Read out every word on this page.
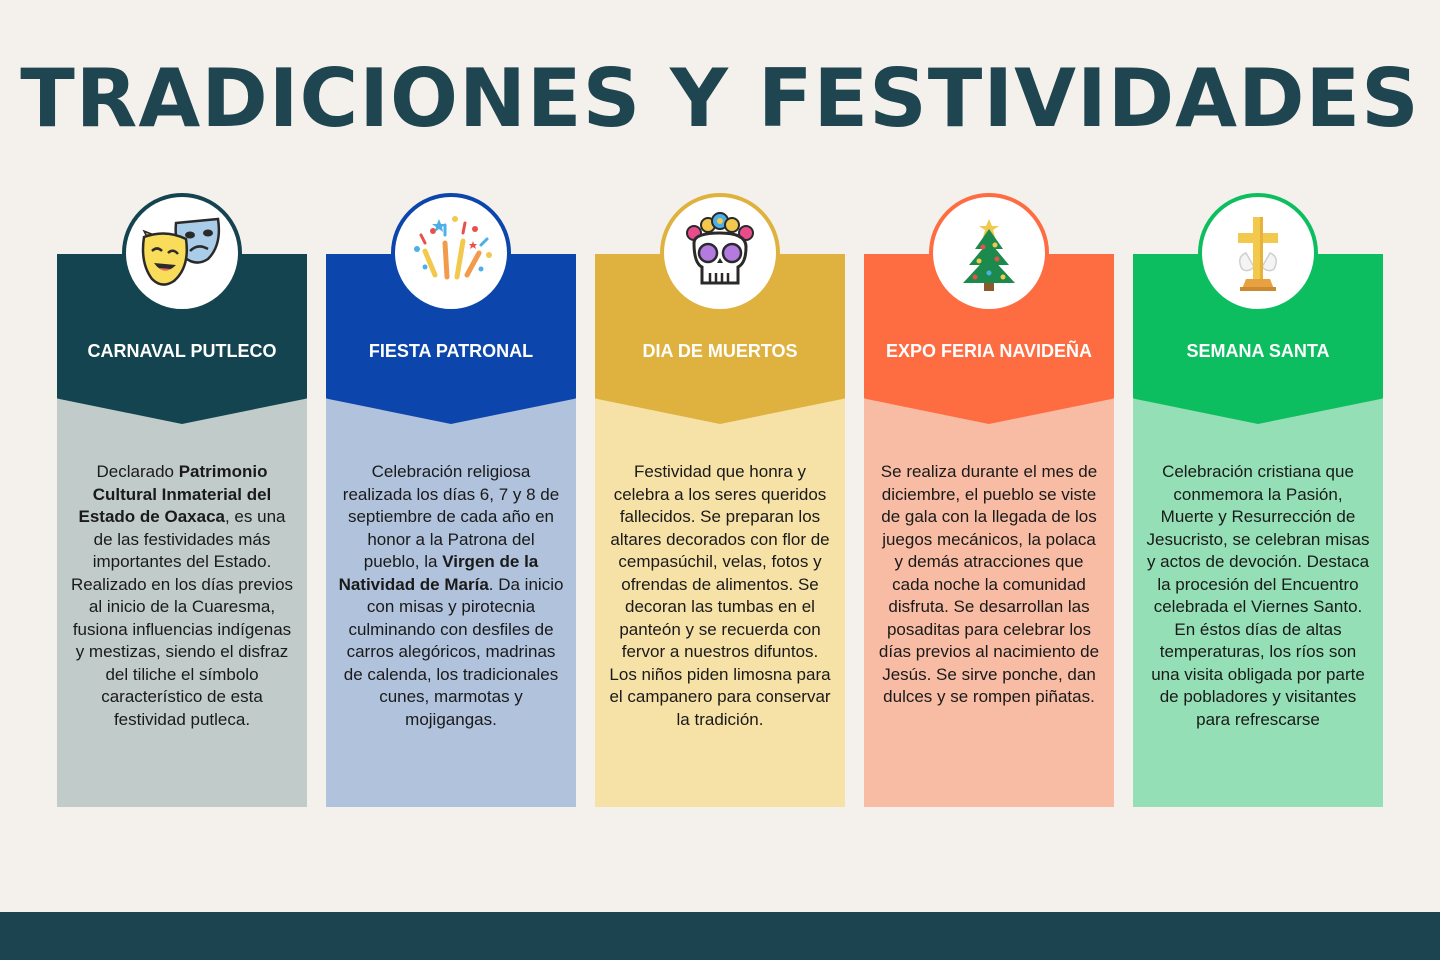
TRADICIONES Y FESTIVIDADES
CARNAVAL PUTLECO
Declarado Patrimonio Cultural Inmaterial del Estado de Oaxaca, es una de las festividades más importantes del Estado. Realizado en los días previos al inicio de la Cuaresma, fusiona influencias indígenas y mestizas, siendo el disfraz del tiliche el símbolo característico de esta festividad putleca.
FIESTA PATRONAL
Celebración religiosa realizada los días 6, 7 y 8 de septiembre de cada año en honor a la Patrona del pueblo, la Virgen de la Natividad de María. Da inicio con misas y pirotecnia culminando con desfiles de carros alegóricos, madrinas de calenda, los tradicionales cunes, marmotas y mojigangas.
DIA DE MUERTOS
Festividad que honra y celebra a los seres queridos fallecidos. Se preparan los altares decorados con flor de cempasúchil, velas, fotos y ofrendas de alimentos. Se decoran las tumbas en el panteón y se recuerda con fervor a nuestros difuntos. Los niños piden limosna para el campanero para conservar la tradición.
EXPO FERIA NAVIDEÑA
Se realiza durante el mes de diciembre, el pueblo se viste de gala con la llegada de los juegos mecánicos, la polaca y demás atracciones que cada noche la comunidad disfruta. Se desarrollan las posaditas para celebrar los días previos al nacimiento de Jesús. Se sirve ponche, dan dulces y se rompen piñatas.
SEMANA SANTA
Celebración cristiana que conmemora la Pasión, Muerte y Resurrección de Jesucristo, se celebran misas y actos de devoción. Destaca la procesión del Encuentro celebrada el Viernes Santo. En éstos días de altas temperaturas, los ríos son una visita obligada por parte de pobladores y visitantes para refrescarse
